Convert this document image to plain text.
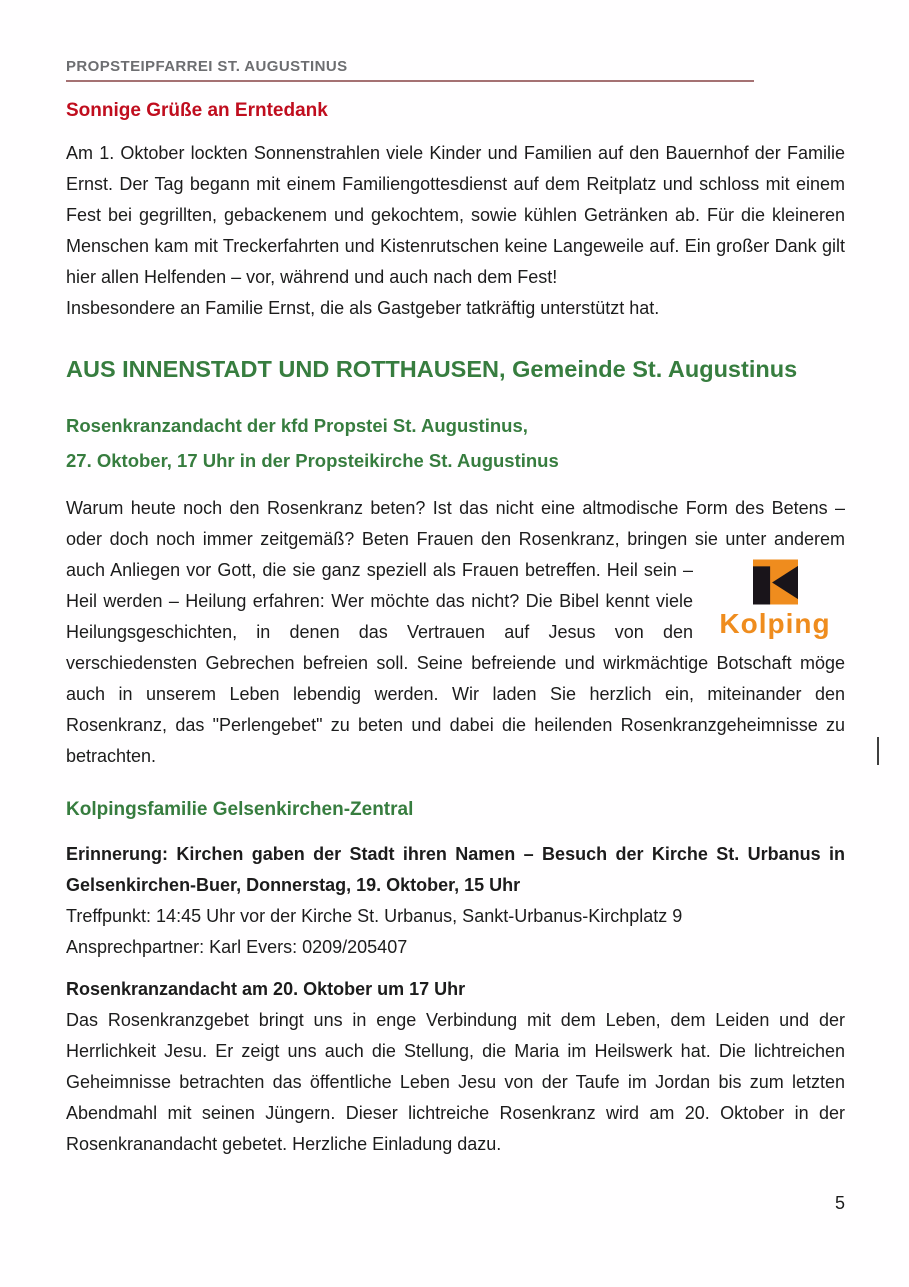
PROPSTEIPFARREI ST. AUGUSTINUS
Sonnige Grüße an Erntedank
Am 1. Oktober lockten Sonnenstrahlen viele Kinder und Familien auf den Bauernhof der Familie Ernst. Der Tag begann mit einem Familiengottesdienst auf dem Reitplatz und schloss mit einem Fest bei gegrillten, gebackenem und gekochtem, sowie kühlen Getränken ab. Für die kleineren Menschen kam mit Treckerfahrten und Kistenrutschen keine Langeweile auf. Ein großer Dank gilt hier allen Helfenden – vor, während und auch nach dem Fest!
Insbesondere an Familie Ernst, die als Gastgeber tatkräftig unterstützt hat.
AUS INNENSTADT UND ROTTHAUSEN, Gemeinde St. Augustinus
Rosenkranzandacht der kfd Propstei St. Augustinus,
27. Oktober, 17 Uhr in der Propsteikirche St. Augustinus
Kolping
Warum heute noch den Rosenkranz beten? Ist das nicht eine altmodische Form des Betens – oder doch noch immer zeitgemäß? Beten Frauen den Rosenkranz, bringen sie unter anderem auch Anliegen vor Gott, die sie ganz speziell als Frauen betreffen. Heil sein – Heil werden – Heilung erfahren: Wer möchte das nicht? Die Bibel kennt viele Heilungsgeschichten, in denen das Vertrauen auf Jesus von den verschiedensten Gebrechen befreien soll. Seine befreiende und wirkmächtige Botschaft möge auch in unserem Leben lebendig werden. Wir laden Sie herzlich ein, miteinander den Rosenkranz, das "Perlengebet" zu beten und dabei die heilenden Rosenkranzgeheimnisse zu betrachten.
Kolpingsfamilie Gelsenkirchen-Zentral
Erinnerung: Kirchen gaben der Stadt ihren Namen – Besuch der Kirche St. Urbanus in Gelsenkirchen-Buer, Donnerstag, 19. Oktober, 15 Uhr
Treffpunkt: 14:45 Uhr vor der Kirche St. Urbanus, Sankt-Urbanus-Kirchplatz 9
Ansprechpartner: Karl Evers: 0209/205407
Rosenkranzandacht am 20. Oktober um 17 Uhr
Das Rosenkranzgebet bringt uns in enge Verbindung mit dem Leben, dem Leiden und der Herrlichkeit Jesu. Er zeigt uns auch die Stellung, die Maria im Heilswerk hat. Die lichtreichen Geheimnisse betrachten das öffentliche Leben Jesu von der Taufe im Jordan bis zum letzten Abendmahl mit seinen Jüngern. Dieser lichtreiche Rosenkranz wird am 20. Oktober in der Rosenkranandacht gebetet. Herzliche Einladung dazu.
5
